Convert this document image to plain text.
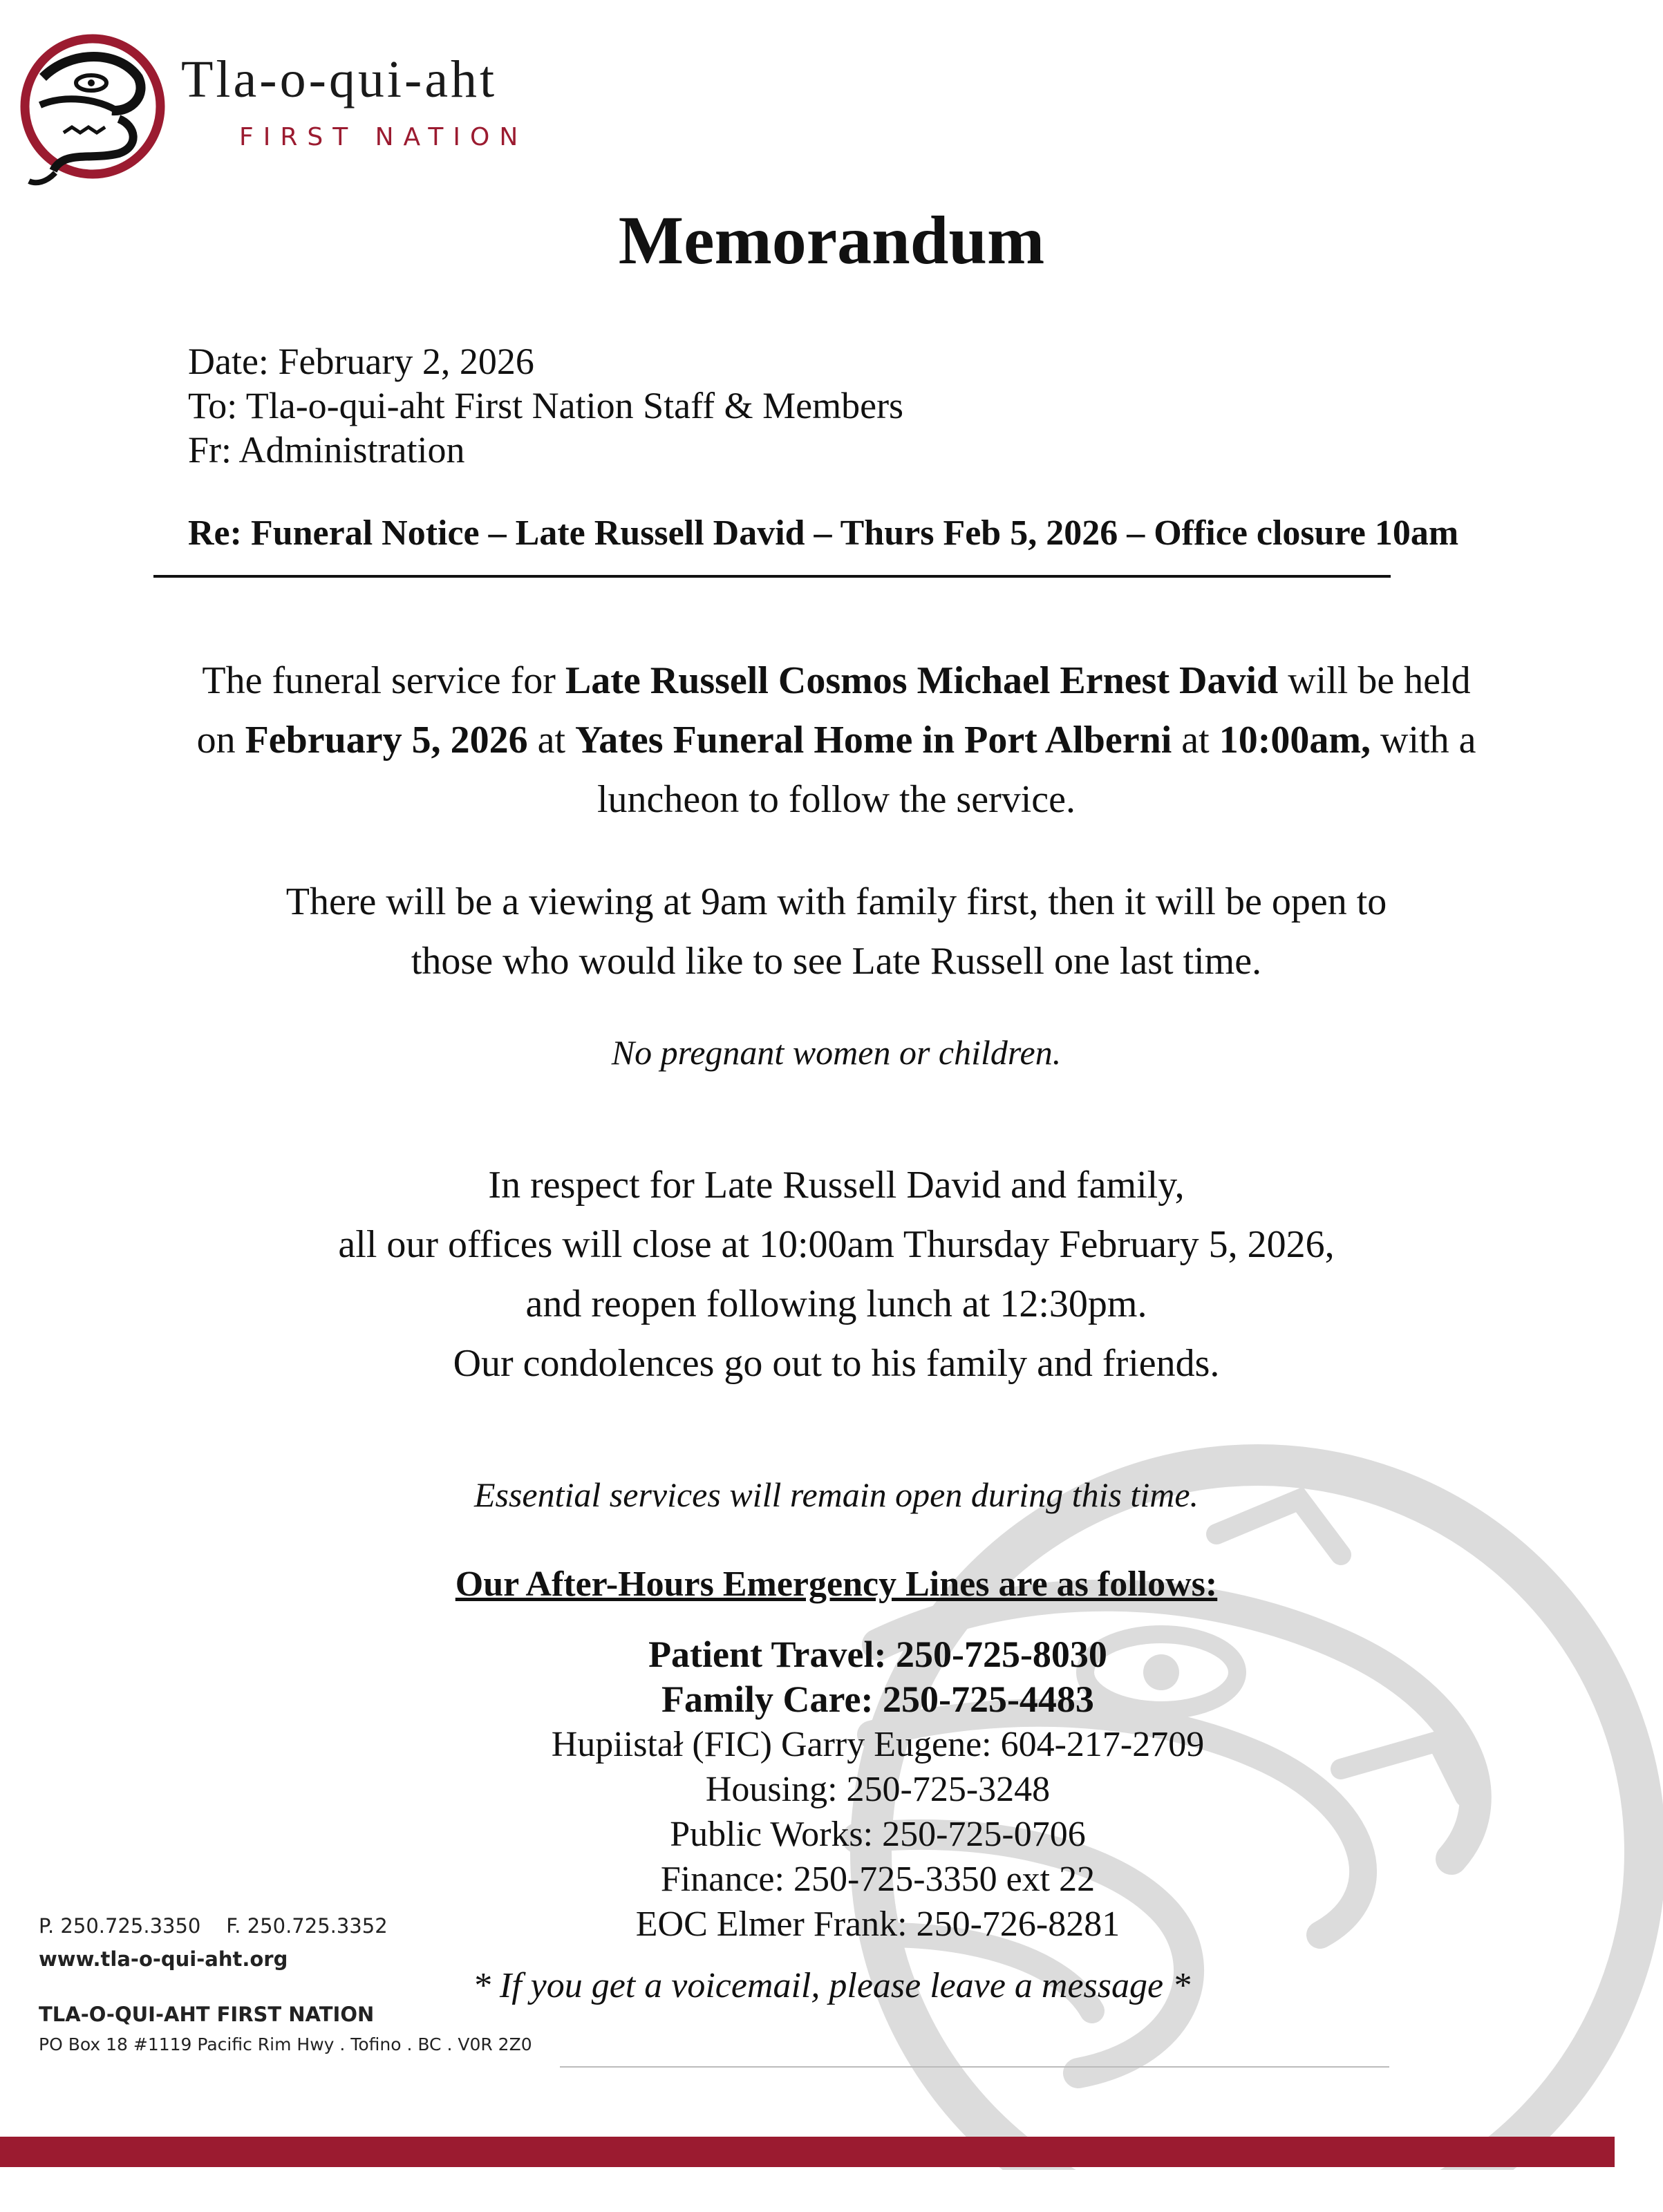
Tla-o-qui-aht
FIRST NATION
Memorandum
Date: February 2, 2026
To: Tla-o-qui-aht First Nation Staff & Members
Fr: Administration
Re: Funeral Notice – Late Russell David – Thurs Feb 5, 2026 – Office closure 10am
The funeral service for Late Russell Cosmos Michael Ernest David will be held on February 5, 2026 at Yates Funeral Home in Port Alberni at 10:00am, with a luncheon to follow the service.
There will be a viewing at 9am with family first, then it will be open to
those who would like to see Late Russell one last time.
No pregnant women or children.
In respect for Late Russell David and family,
all our offices will close at 10:00am Thursday February 5, 2026,
and reopen following lunch at 12:30pm.
Our condolences go out to his family and friends.
Essential services will remain open during this time.
Our After-Hours Emergency Lines are as follows:
Patient Travel: 250-725-8030
Family Care: 250-725-4483
Hupiistał (FIC) Garry Eugene: 604-217-2709
Housing: 250-725-3248
Public Works: 250-725-0706
Finance: 250-725-3350 ext 22
EOC Elmer Frank: 250-726-8281
* If you get a voicemail, please leave a message *
P. 250.725.3350 F. 250.725.3352
www.tla-o-qui-aht.org
TLA-O-QUI-AHT FIRST NATION
PO Box 18 #1119 Pacific Rim Hwy . Tofino . BC . V0R 2Z0
